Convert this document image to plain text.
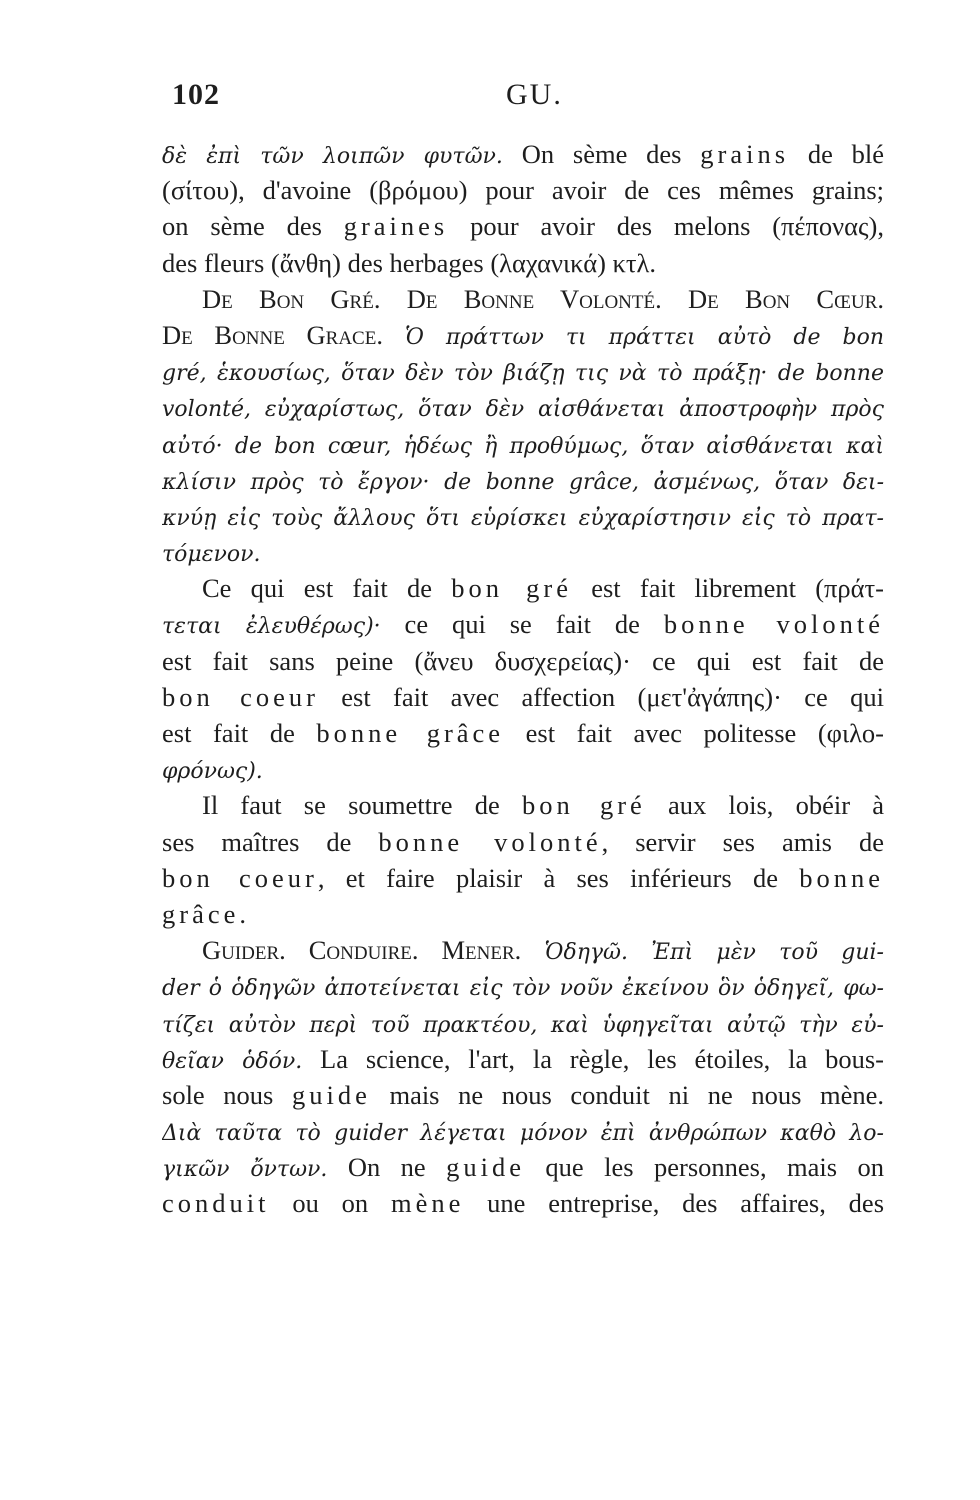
102	GU.
δὲ ἐπὶ τῶν λοιπῶν φυτῶν. On sème des grains de blé
(σίτου), d'avoine (βρόμου) pour avoir de ces mêmes grains;
on sème des graines pour avoir des melons (πέπονας),
des fleurs (ἄνθη) des herbages (λαχανικά) κτλ.
De Bon Gré. De Bonne Volonté. De Bon Cœur.
De Bonne Grace. Ὁ πράττων τι πράττει αὐτὸ de bon
gré, ἑκουσίως, ὅταν δὲν τὸν βιάζῃ τις νὰ τὸ πράξῃ· de bonne
volonté, εὐχαρίστως, ὅταν δὲν αἰσθάνεται ἀποστροφὴν πρὸς
αὐτό· de bon cœur, ἡδέως ἢ προθύμως, ὅταν αἰσθάνεται καὶ
κλίσιν πρὸς τὸ ἔργον· de bonne grâce, ἀσμένως, ὅταν δει-
κνύῃ εἰς τοὺς ἄλλους ὅτι εὑρίσκει εὐχαρίστησιν εἰς τὸ πρατ-
τόμενον.
Ce qui est fait de bon gré est fait librement (πράτ-
τεται ἐλευθέρως)· ce qui se fait de bonne volonté
est fait sans peine (ἄνευ δυσχερείας)· ce qui est fait de
bon coeur est fait avec affection (μετ'ἀγάπης)· ce qui
est fait de bonne grâce est fait avec politesse (φιλο-
φρόνως).
Il faut se soumettre de bon gré aux lois, obéir à
ses maîtres de bonne volonté, servir ses amis de
bon coeur, et faire plaisir à ses inférieurs de bonne
grâce.
Guider. Conduire. Mener. Ὁδηγῶ. Ἐπὶ μὲν τοῦ gui-
der ὁ ὁδηγῶν ἀποτείνεται εἰς τὸν νοῦν ἐκείνου ὃν ὁδηγεῖ, φω-
τίζει αὐτὸν περὶ τοῦ πρακτέου, καὶ ὑφηγεῖται αὐτῷ τὴν εὐ-
θεῖαν ὁδόν. La science, l'art, la règle, les étoiles, la bous-
sole nous guide mais ne nous conduit ni ne nous mène.
Διὰ ταῦτα τὸ guider λέγεται μόνον ἐπὶ ἀνθρώπων καθὸ λο-
γικῶν ὄντων. On ne guide que les personnes, mais on
conduit ou on mène une entreprise, des affaires, des
